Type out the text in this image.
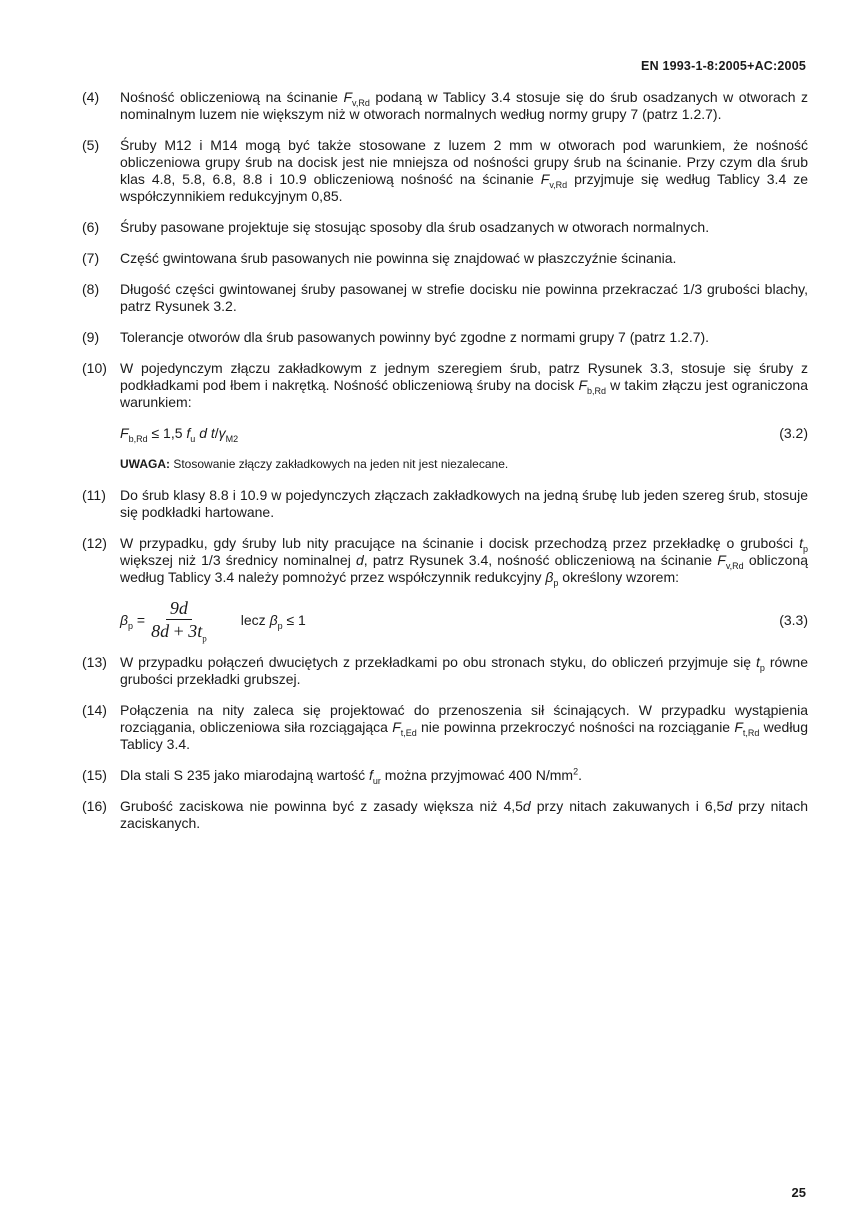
EN 1993-1-8:2005+AC:2005
(4)	Nośność obliczeniową na ścinanie $F_{v,Rd}$ podaną w Tablicy 3.4 stosuje się do śrub osadzanych w otworach z nominalnym luzem nie większym niż w otworach normalnych według normy grupy 7 (patrz 1.2.7).
(5)	Śruby M12 i M14 mogą być także stosowane z luzem 2 mm w otworach pod warunkiem, że nośność obliczeniowa grupy śrub na docisk jest nie mniejsza od nośności grupy śrub na ścinanie. Przy czym dla śrub klas 4.8, 5.8, 6.8, 8.8 i 10.9 obliczeniową nośność na ścinanie $F_{v,Rd}$ przyjmuje się według Tablicy 3.4 ze współczynnikiem redukcyjnym 0,85.
(6)	Śruby pasowane projektuje się stosując sposoby dla śrub osadzanych w otworach normalnych.
(7)	Część gwintowana śrub pasowanych nie powinna się znajdować w płaszczyźnie ścinania.
(8)	Długość części gwintowanej śruby pasowanej w strefie docisku nie powinna przekraczać 1/3 grubości blachy, patrz Rysunek 3.2.
(9)	Tolerancje otworów dla śrub pasowanych powinny być zgodne z normami grupy 7 (patrz 1.2.7).
(10) W pojedynczym złączu zakładkowym z jednym szeregiem śrub, patrz Rysunek 3.3, stosuje się śruby z podkładkami pod łbem i nakrętką. Nośność obliczeniową śruby na docisk $F_{b,Rd}$ w takim złączu jest ograniczona warunkiem:
$F_{b,Rd} \le 1,5$ $f_u$ d $t/\gamma_{M2}$	(3.2)
UWAGA: Stosowanie złączy zakładkowych na jeden nit jest niezalecane.
(11)	Do śrub klasy 8.8 i 10.9 w pojedynczych złączach zakładkowych na jedną śrubę lub jeden szereg śrub, stosuje się podkładki hartowane.
(12) W przypadku, gdy śruby lub nity pracujące na ścinanie i docisk przechodzą przez przekładkę o grubości $t_p$ większej niż 1/3 średnicy nominalnej d, patrz Rysunek 3.4, nośność obliczeniową na ścinanie $F_{v,Rd}$ obliczoną według Tablicy 3.4 należy pomnożyć przez współczynnik redukcyjny $\beta_p$ określony wzorem:
$\beta_p = \frac{9d}{8d + 3t_p}$ lecz $\beta_p \le 1$	(3.3)
(13) W przypadku połączeń dwuciętych z przekładkami po obu stronach styku, do obliczeń przyjmuje się $t_p$ równe grubości przekładki grubszej.
(14) Połączenia na nity zaleca się projektować do przenoszenia sił ścinających. W przypadku wystąpienia rozciągania, obliczeniowa siła rozciągająca $F_{t,Ed}$ nie powinna przekroczyć nośności na rozciąganie $F_{t,Rd}$ według Tablicy 3.4.
(15) Dla stali S 235 jako miarodajną wartość $f_{ur}$ można przyjmować 400 $N/mm^2$.
(16) Grubość zaciskowa nie powinna być z zasady większa niż 4,5d przy nitach zakuwanych i 6,5d przy nitach zaciskanych.
25
